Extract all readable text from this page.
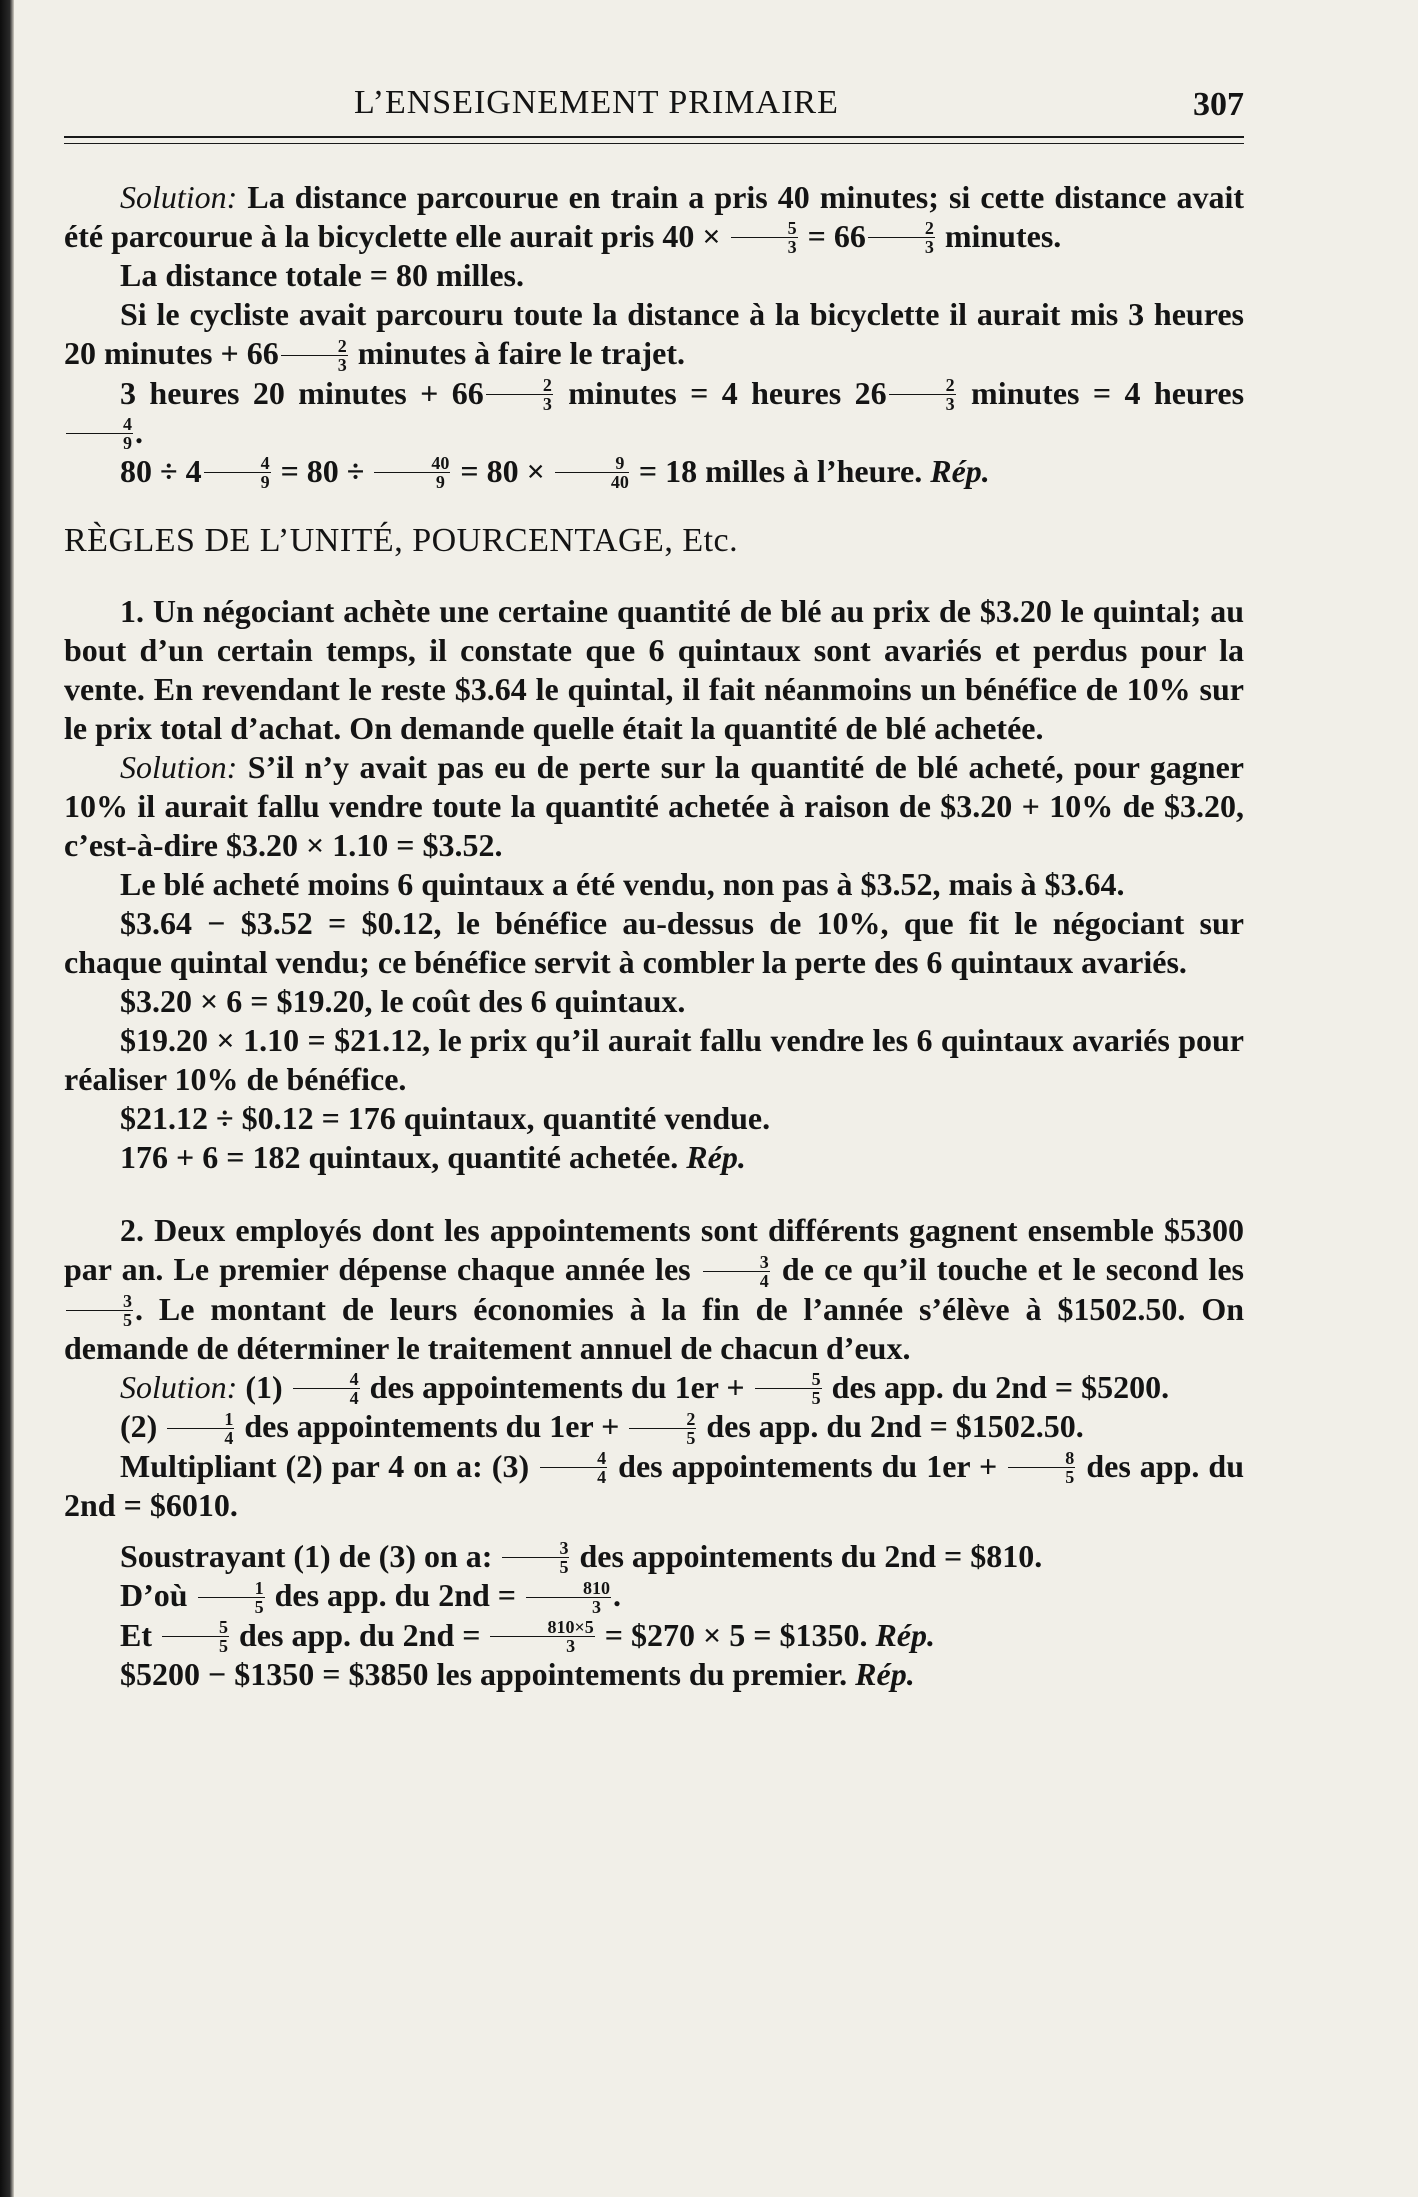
L’ENSEIGNEMENT PRIMAIRE	307

Solution: La distance parcourue en train a pris 40 minutes; si cette distance avait été parcourue à la bicyclette elle aurait pris $40 \times \frac{5}{3} = 66 \frac{2}{3}$ minutes.

La distance totale = 80 milles.

Si le cycliste avait parcouru toute la distance à la bicyclette il aurait mis 3 heures 20 minutes + $66 \frac{2}{3}$ minutes à faire le trajet.

3 heures 20 minutes + $66 \frac{2}{3}$ minutes = 4 heures $26 \frac{2}{3}$ minutes = 4 heures
$\frac{4}{9}$ .

$80 \div 4 \frac{4}{9} = 80 \div \frac{40}{9} = 80 \times \frac{9}{40} = 18$ milles à l’heure. Rép.

RÈGLES DE L’UNITÉ, POURCENTAGE, Etc.

1. Un négociant achète une certaine quantité de blé au prix de $3.20 le quintal; au bout d’un certain temps, il constate que 6 quintaux sont avariés et perdus pour la vente. En revendant le reste $3.64 le quintal, il fait néanmoins un bénéfice de 10% sur le prix total d’achat. On demande quelle était la quantité de blé achetée.

Solution: S’il n’y avait pas eu de perte sur la quantité de blé acheté, pour gagner 10% il aurait fallu vendre toute la quantité achetée à raison de $3.20 + 10% de $3.20, c’est-à-dire $3.20 × 1.10 = $3.52.

Le blé acheté moins 6 quintaux a été vendu, non pas à $3.52, mais à $3.64.

$3.64 − $3.52 = $0.12, le bénéfice au-dessus de 10%, que fit le négociant sur chaque quintal vendu; ce bénéfice servit à combler la perte des 6 quintaux avariés.

$3.20 × 6 = $19.20, le coût des 6 quintaux.

$19.20 × 1.10 = $21.12, le prix qu’il aurait fallu vendre les 6 quintaux avariés pour réaliser 10% de bénéfice.

$21.12 ÷ $0.12 = 176 quintaux, quantité vendue.

176 + 6 = 182 quintaux, quantité achetée. Rép.

2. Deux employés dont les appointements sont différents gagnent ensemble $5300 par an. Le premier dépense chaque année les $\frac{3}{4}$ de ce qu’il touche et le second les
$\frac{3}{5}$ . Le montant de leurs économies à la fin de l’année s’élève à $1502.50. On demande de déterminer le traitement annuel de chacun d’eux.

Solution: $(1) \frac{4}{4}$ des appointements du $1er + \frac{5}{5}$ des app. du 2nd = $5200.

$(2) \frac{1}{4}$ des appointements du $1er + \frac{2}{5}$ des app. du 2nd = $1502.50.

Multipliant (2) par 4 on a: $(3) \frac{4}{4}$ des appointements du $1er + \frac{8}{5}$ des app. du 2nd = $6010.

Soustrayant (1) de (3) on a: $\frac{3}{5}$ des appointements du 2nd = $810.

D’où $\frac{1}{5}$ des app. du $2nd = \frac{810}{3}$ .

Et $\frac{5}{5}$ des app. du $2nd = \frac{810\times 5}{3}$ = $270 × 5 = $1350. Rép.

$5200 − $1350 = $3850 les appointements du premier. Rép.
